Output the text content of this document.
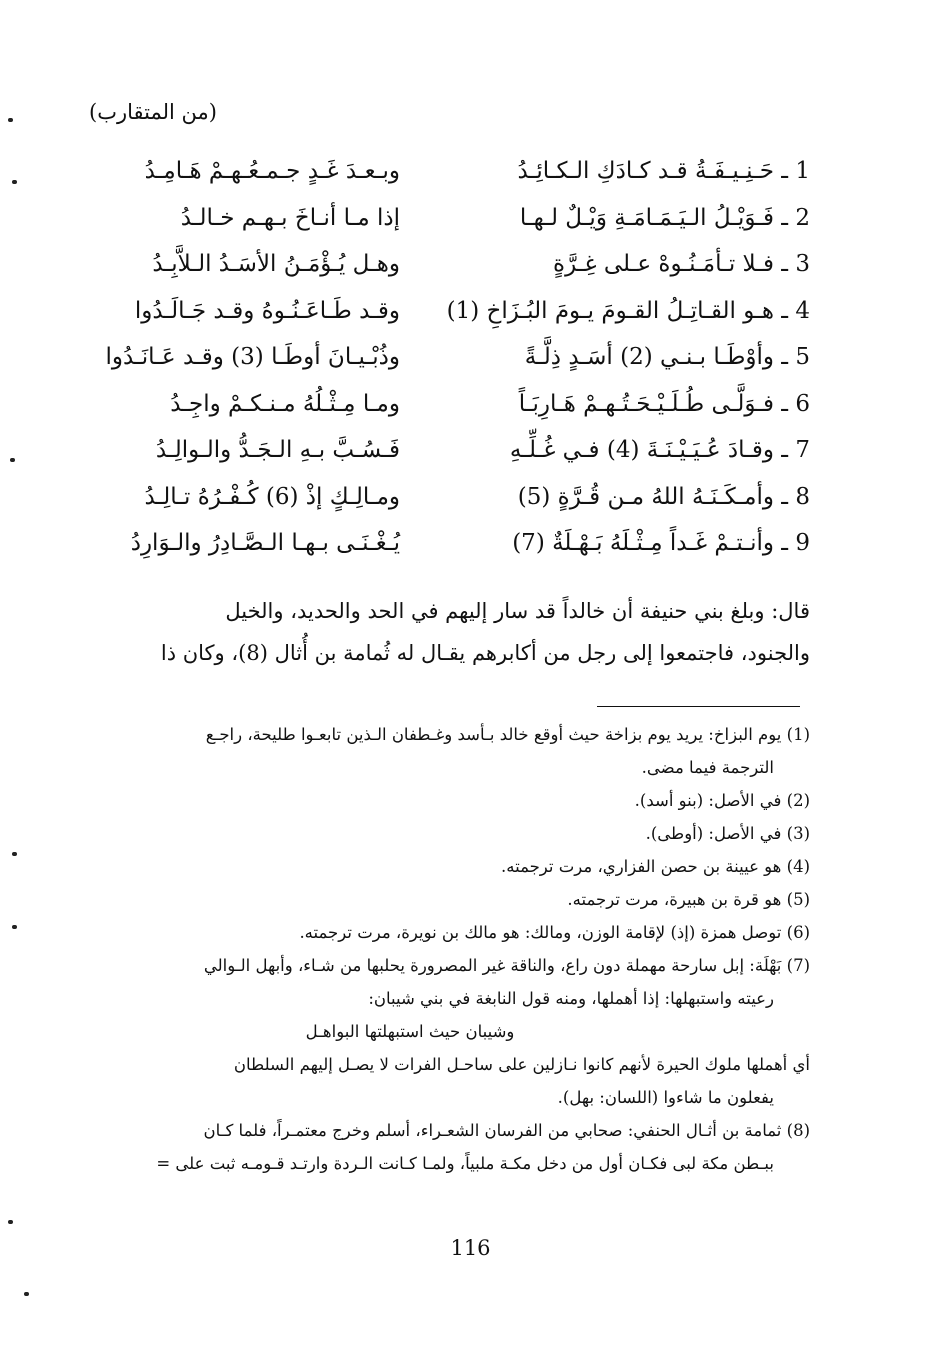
(من المتقارب)
1 ـ حَـنِـيـفَـةُ قـد كـادَكِ الـكـائِـدُ
وبـعـدَ غَـدٍ جـمـعُـهـمْ هَـامِـدُ
2 ـ فَـوَيْـلُ الـيَـمَـامَـةِ وَيْـلٌ لـهـا
إذا مـا أنـاخَ بـهـم خـالـدُ
3 ـ فـلا تـأمَـنُـوهْ عـلى غِـرَّةٍ
وهـل يُـؤْمَـنُ الأسَـدُ الـلاَّبِـدُ
4 ـ هـو القـاتِـلُ القـومَ يـومَ البُـزَاخِ (1)
وقـد طَـاعَـنُـوهُ وقـد جَـالَـدُوا
5 ـ وأوْطَـا بـنـي (2) أسَـدٍ ذِلَّـةً
وذُبْـيـانَ أوطَـا (3) وقـد عَـانَـدُوا
6 ـ فـوَلَّـى طُـلَـيْـحَـتُـهـمْ هَـارِبَـاً
ومـا مِـثْـلُهُ مـنـكـمْ واجِـدُ
7 ـ وقـادَ عُـيَـيْـنَـةَ (4) فـي غُـلِّـهِ
فَـسُـبَّ بـهِ الـجَـدُّ والـوالِـدُ
8 ـ وأمـكَـنَـهُ اللهُ مـن قُـرَّةٍ (5)
ومـالِـكٍ إذْ (6) كُـفْـرُهُ تـالِـدُ
9 ـ وأنـتـمْ غَـداً مِـثْـلَهُ بَـهْـلَةٌ (7)
يُـغْـنَـى بـهـا الـصَّـادِرُ والـوَارِدُ

قال: وبلغ بني حنيفة أن خالداً قد سار إليهم في الحد والحديد، والخيل

والجنود، فاجتمعوا إلى رجل من أكابرهم يقـال له ثُمامة بن أُثال (8)، وكان ذا

(1) يوم البزاخ: يريد يوم بزاخة حيث أوقع خالد بـأسد وغـطفان الـذين تابعـوا طليحة، راجـع

الترجمة فيما مضى.

(2) في الأصل: (بنو أسد).

(3) في الأصل: (أوطى).

(4) هو عيينة بن حصن الفزاري، مرت ترجمته.

(5) هو قرة بن هبيرة، مرت ترجمته.

(6) توصل همزة (إذ) لإقامة الوزن، ومالك: هو مالك بن نويرة، مرت ترجمته.

(7) بَهْلَة: إبل سارحة مهملة دون راع، والناقة غير المصرورة يحلبها من شـاء، وأبهل الـوالي

رعيته واستبهلها: إذا أهملها، ومنه قول النابغة في بني شيبان:

وشيبان حيث استبهلتها البواهـل

أي أهملها ملوك الحيرة لأنهم كانوا نـازلين على ساحـل الفرات لا يصـل إليهم السلطان

يفعلون ما شاءوا (اللسان: بهل).

(8) ثمامة بن أثـال الحنفي: صحابي من الفرسان الشعـراء، أسلم وخرج معتمـراً، فلما كـان

ببـطن مكة لبى فكـان أول من دخل مكـة ملبياً، ولمـا كـانت الـردة وارتـد قـومـه ثبت على =

116
